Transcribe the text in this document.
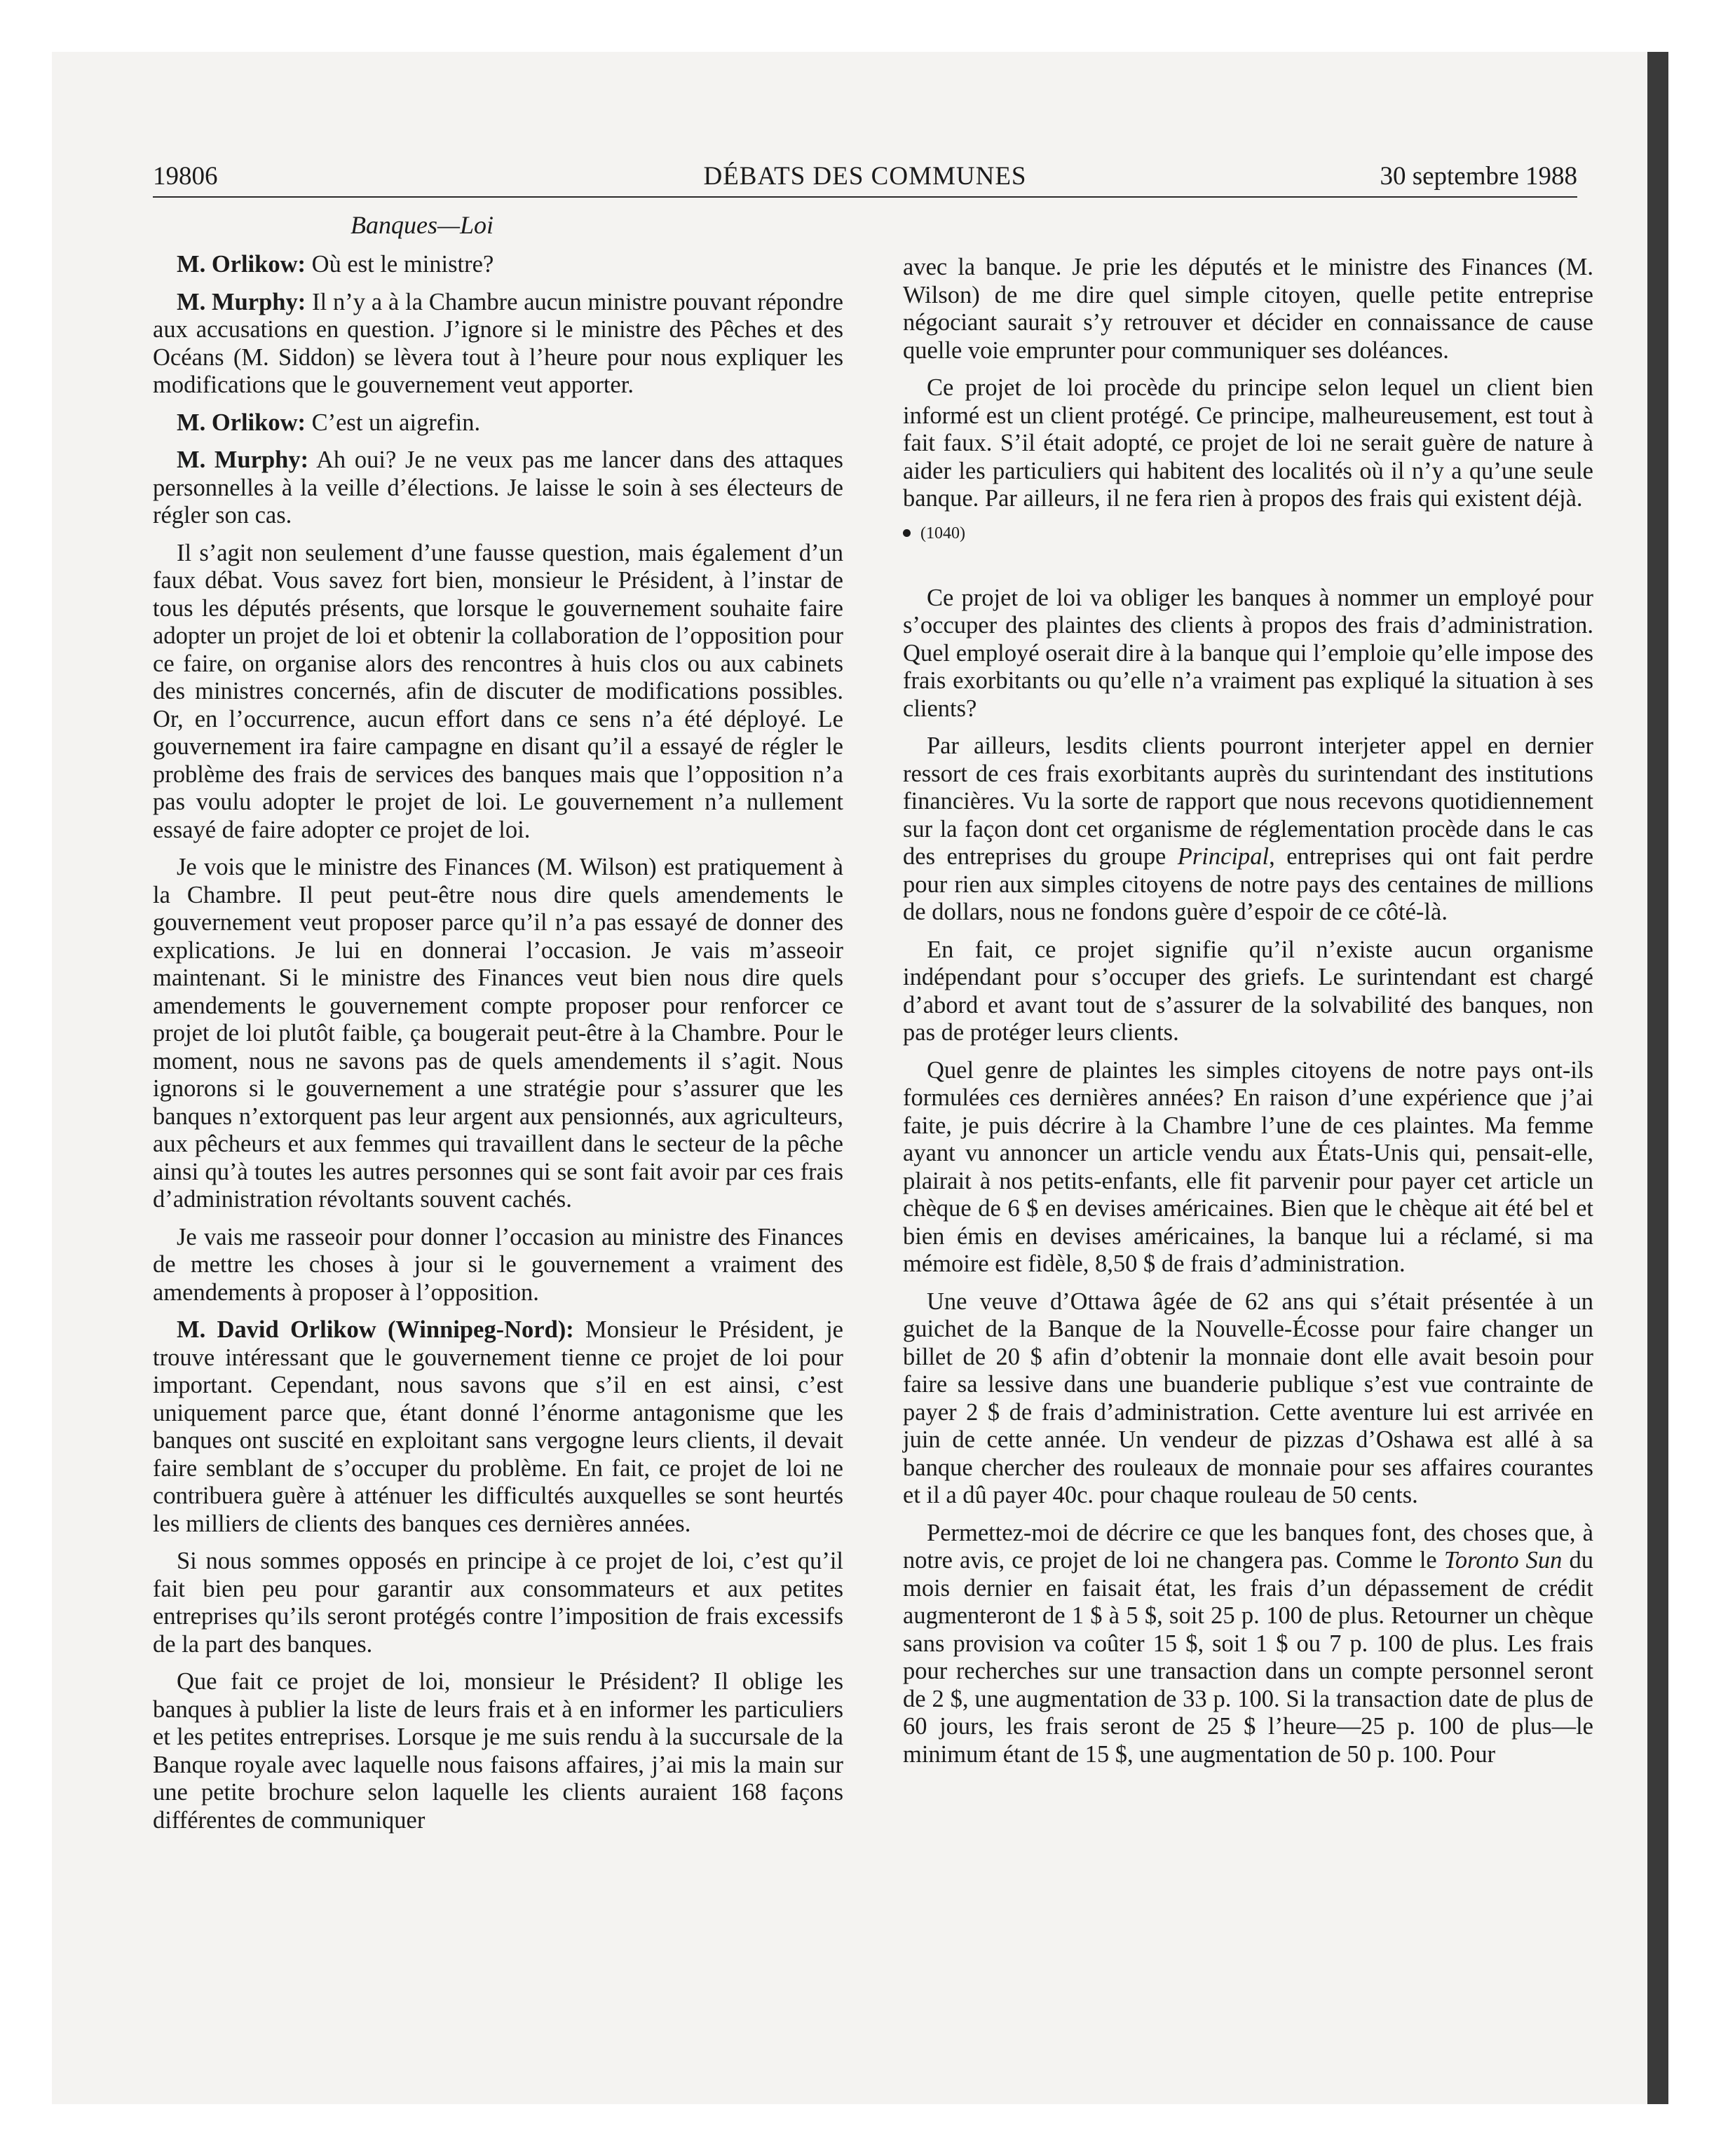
19806	DÉBATS DES COMMUNES	30 septembre 1988
Banques—Loi

M. Orlikow: Où est le ministre?

M. Murphy: Il n’y a à la Chambre aucun ministre pouvant répondre aux accusations en question. J’ignore si le ministre des Pêches et des Océans (M. Siddon) se lèvera tout à l’heure pour nous expliquer les modifications que le gouvernement veut apporter.

M. Orlikow: C’est un aigrefin.

M. Murphy: Ah oui? Je ne veux pas me lancer dans des attaques personnelles à la veille d’élections. Je laisse le soin à ses électeurs de régler son cas.

Il s’agit non seulement d’une fausse question, mais également d’un faux débat. Vous savez fort bien, monsieur le Président, à l’instar de tous les députés présents, que lorsque le gouvernement souhaite faire adopter un projet de loi et obtenir la collaboration de l’opposition pour ce faire, on organise alors des rencontres à huis clos ou aux cabinets des ministres concernés, afin de discuter de modifications possibles. Or, en l’occurrence, aucun effort dans ce sens n’a été déployé. Le gouvernement ira faire campagne en disant qu’il a essayé de régler le problème des frais de services des banques mais que l’opposition n’a pas voulu adopter le projet de loi. Le gouvernement n’a nullement essayé de faire adopter ce projet de loi.

Je vois que le ministre des Finances (M. Wilson) est pratiquement à la Chambre. Il peut peut-être nous dire quels amendements le gouvernement veut proposer parce qu’il n’a pas essayé de donner des explications. Je lui en donnerai l’occasion. Je vais m’asseoir maintenant. Si le ministre des Finances veut bien nous dire quels amendements le gouvernement compte proposer pour renforcer ce projet de loi plutôt faible, ça bougerait peut-être à la Chambre. Pour le moment, nous ne savons pas de quels amendements il s’agit. Nous ignorons si le gouvernement a une stratégie pour s’assurer que les banques n’extorquent pas leur argent aux pensionnés, aux agriculteurs, aux pêcheurs et aux femmes qui travaillent dans le secteur de la pêche ainsi qu’à toutes les autres personnes qui se sont fait avoir par ces frais d’administration révoltants souvent cachés.

Je vais me rasseoir pour donner l’occasion au ministre des Finances de mettre les choses à jour si le gouvernement a vraiment des amendements à proposer à l’opposition.

M. David Orlikow (Winnipeg-Nord): Monsieur le Président, je trouve intéressant que le gouvernement tienne ce projet de loi pour important. Cependant, nous savons que s’il en est ainsi, c’est uniquement parce que, étant donné l’énorme antagonisme que les banques ont suscité en exploitant sans vergogne leurs clients, il devait faire semblant de s’occuper du problème. En fait, ce projet de loi ne contribuera guère à atténuer les difficultés auxquelles se sont heurtés les milliers de clients des banques ces dernières années.

Si nous sommes opposés en principe à ce projet de loi, c’est qu’il fait bien peu pour garantir aux consommateurs et aux petites entreprises qu’ils seront protégés contre l’imposition de frais excessifs de la part des banques.

Que fait ce projet de loi, monsieur le Président? Il oblige les banques à publier la liste de leurs frais et à en informer les particuliers et les petites entreprises. Lorsque je me suis rendu à la succursale de la Banque royale avec laquelle nous faisons affaires, j’ai mis la main sur une petite brochure selon laquelle les clients auraient 168 façons différentes de communiquer

avec la banque. Je prie les députés et le ministre des Finances (M. Wilson) de me dire quel simple citoyen, quelle petite entreprise négociant saurait s’y retrouver et décider en connaissance de cause quelle voie emprunter pour communiquer ses doléances.

Ce projet de loi procède du principe selon lequel un client bien informé est un client protégé. Ce principe, malheureusement, est tout à fait faux. S’il était adopté, ce projet de loi ne serait guère de nature à aider les particuliers qui habitent des localités où il n’y a qu’une seule banque. Par ailleurs, il ne fera rien à propos des frais qui existent déjà.

(1040)

Ce projet de loi va obliger les banques à nommer un employé pour s’occuper des plaintes des clients à propos des frais d’administration. Quel employé oserait dire à la banque qui l’emploie qu’elle impose des frais exorbitants ou qu’elle n’a vraiment pas expliqué la situation à ses clients?

Par ailleurs, lesdits clients pourront interjeter appel en dernier ressort de ces frais exorbitants auprès du surintendant des institutions financières. Vu la sorte de rapport que nous recevons quotidiennement sur la façon dont cet organisme de réglementation procède dans le cas des entreprises du groupe Principal, entreprises qui ont fait perdre pour rien aux simples citoyens de notre pays des centaines de millions de dollars, nous ne fondons guère d’espoir de ce côté-là.

En fait, ce projet signifie qu’il n’existe aucun organisme indépendant pour s’occuper des griefs. Le surintendant est chargé d’abord et avant tout de s’assurer de la solvabilité des banques, non pas de protéger leurs clients.

Quel genre de plaintes les simples citoyens de notre pays ont-ils formulées ces dernières années? En raison d’une expérience que j’ai faite, je puis décrire à la Chambre l’une de ces plaintes. Ma femme ayant vu annoncer un article vendu aux États-Unis qui, pensait-elle, plairait à nos petits-enfants, elle fit parvenir pour payer cet article un chèque de 6 $ en devises américaines. Bien que le chèque ait été bel et bien émis en devises américaines, la banque lui a réclamé, si ma mémoire est fidèle, 8,50 $ de frais d’administration.

Une veuve d’Ottawa âgée de 62 ans qui s’était présentée à un guichet de la Banque de la Nouvelle-Écosse pour faire changer un billet de 20 $ afin d’obtenir la monnaie dont elle avait besoin pour faire sa lessive dans une buanderie publique s’est vue contrainte de payer 2 $ de frais d’administration. Cette aventure lui est arrivée en juin de cette année. Un vendeur de pizzas d’Oshawa est allé à sa banque chercher des rouleaux de monnaie pour ses affaires courantes et il a dû payer 40c. pour chaque rouleau de 50 cents.

Permettez-moi de décrire ce que les banques font, des choses que, à notre avis, ce projet de loi ne changera pas. Comme le Toronto Sun du mois dernier en faisait état, les frais d’un dépassement de crédit augmenteront de 1 $ à 5 $, soit 25 p. 100 de plus. Retourner un chèque sans provision va coûter 15 $, soit 1 $ ou 7 p. 100 de plus. Les frais pour recherches sur une transaction dans un compte personnel seront de 2 $, une augmentation de 33 p. 100. Si la transaction date de plus de 60 jours, les frais seront de 25 $ l’heure—25 p. 100 de plus—le minimum étant de 15 $, une augmentation de 50 p. 100. Pour
